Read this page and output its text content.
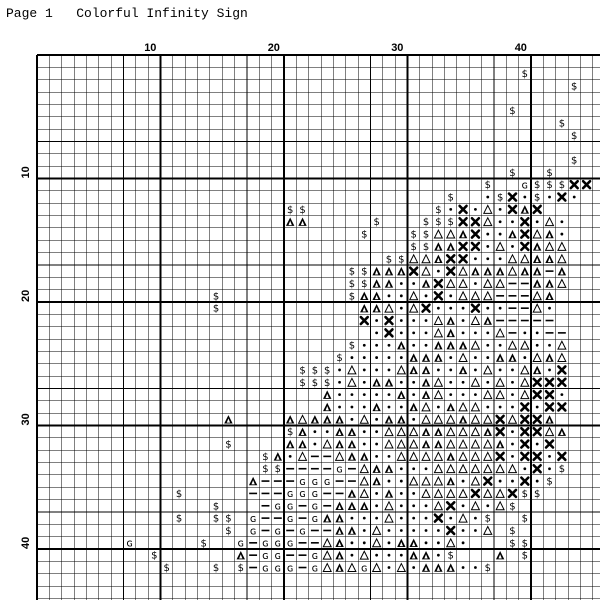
Page 1   Colorful Infinity Sign
10	20	30	40
10
20
30
40
$
$
$
$
$
$
$	$
$	ɢ $ $ $
$	$	$
$ $	$
$	$ $ $
$	$ $
$ $
$ $
$ $
$ $
$	$
$
$
$
$ $ $
$ $ $
$
$
$
$ $	ɢ	$
ɢ ɢ ɢ	$
$	ɢ ɢ ɢ	$ $
$	ɢ ɢ ɢ	$
$	$ $ ɢ	ɢ ɢ	$	$
$ ɢ ɢ ɢ	$
ɢ	$	ɢ ɢ ɢ ɢ	$ $
$	ɢ ɢ	ɢ	$	$
$	$ $ ɢ ɢ ɢ ɢ	ɢ	$
